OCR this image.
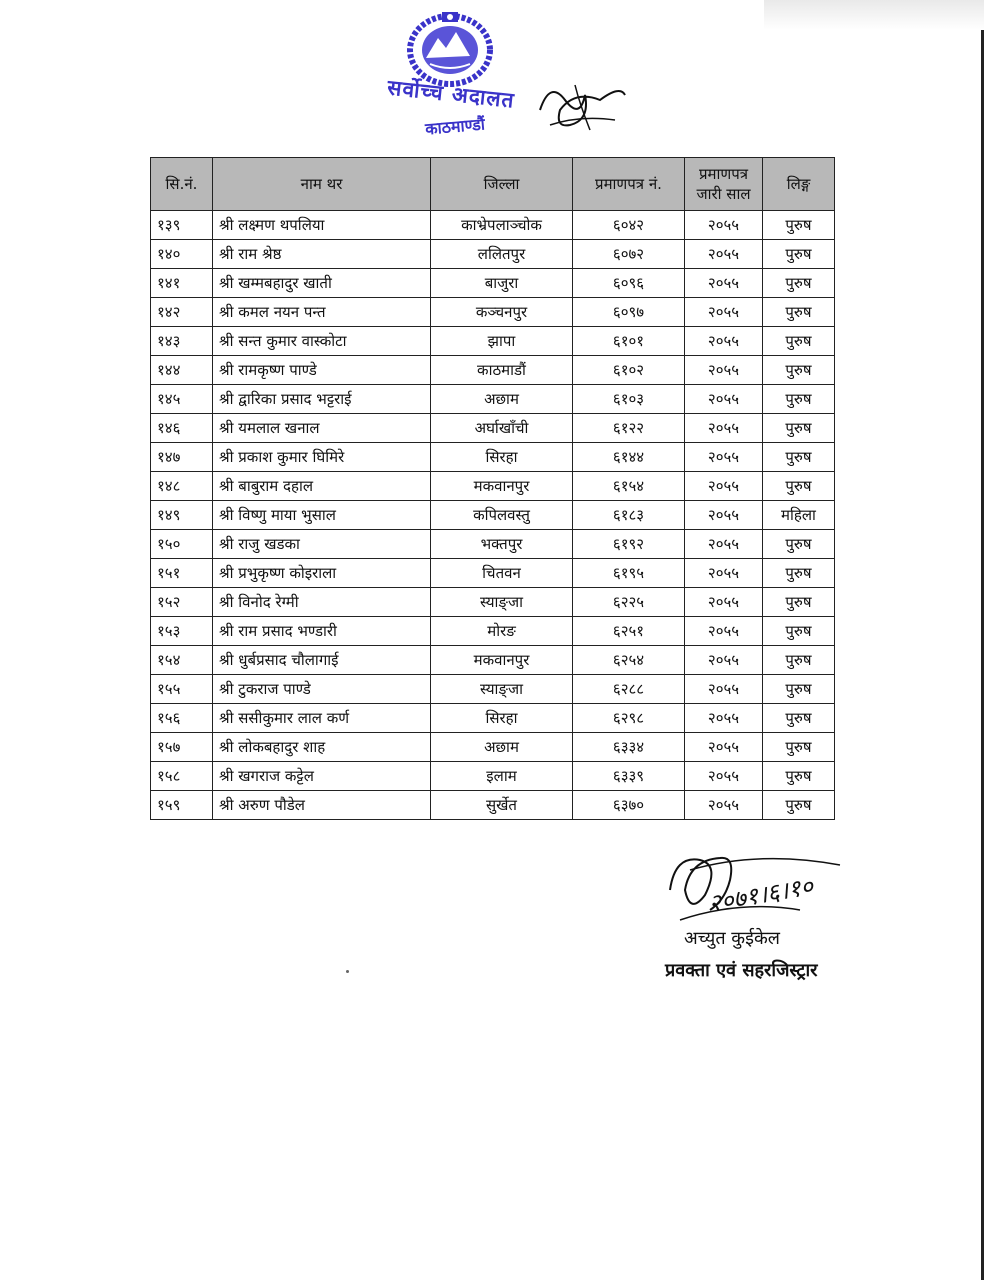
सर्वोच्च अदालत
काठमाण्डौं
सि.नं.	नाम थर	जिल्ला	प्रमाणपत्र नं.	प्रमाणपत्र जारी साल	लिङ्ग
१३९	श्री लक्ष्मण थपलिया	काभ्रेपलाञ्चोक	६०४२	२०५५	पुरुष
१४०	श्री राम श्रेष्ठ	ललितपुर	६०७२	२०५५	पुरुष
१४१	श्री खम्मबहादुर खाती	बाजुरा	६०९६	२०५५	पुरुष
१४२	श्री कमल नयन पन्त	कञ्चनपुर	६०९७	२०५५	पुरुष
१४३	श्री सन्त कुमार वास्कोटा	झापा	६१०१	२०५५	पुरुष
१४४	श्री रामकृष्ण पाण्डे	काठमाडौं	६१०२	२०५५	पुरुष
१४५	श्री द्वारिका प्रसाद भट्टराई	अछाम	६१०३	२०५५	पुरुष
१४६	श्री यमलाल खनाल	अर्घाखाँची	६१२२	२०५५	पुरुष
१४७	श्री प्रकाश कुमार घिमिरे	सिरहा	६१४४	२०५५	पुरुष
१४८	श्री बाबुराम दहाल	मकवानपुर	६१५४	२०५५	पुरुष
१४९	श्री विष्णु माया भुसाल	कपिलवस्तु	६१८३	२०५५	महिला
१५०	श्री राजु खडका	भक्तपुर	६१९२	२०५५	पुरुष
१५१	श्री प्रभुकृष्ण कोइराला	चितवन	६१९५	२०५५	पुरुष
१५२	श्री विनोद रेग्मी	स्याङ्जा	६२२५	२०५५	पुरुष
१५३	श्री राम प्रसाद भण्डारी	मोरङ	६२५१	२०५५	पुरुष
१५४	श्री धुर्बप्रसाद चौलागाई	मकवानपुर	६२५४	२०५५	पुरुष
१५५	श्री टुकराज पाण्डे	स्याङ्जा	६२८८	२०५५	पुरुष
१५६	श्री ससीकुमार लाल कर्ण	सिरहा	६२९८	२०५५	पुरुष
१५७	श्री लोकबहादुर शाह	अछाम	६३३४	२०५५	पुरुष
१५८	श्री खगराज कट्टेल	इलाम	६३३९	२०५५	पुरुष
१५९	श्री अरुण पौडेल	सुर्खेत	६३७०	२०५५	पुरुष
२०७१।६।१०
अच्युत कुईकेल
प्रवक्ता एवं सहरजिस्ट्रार
